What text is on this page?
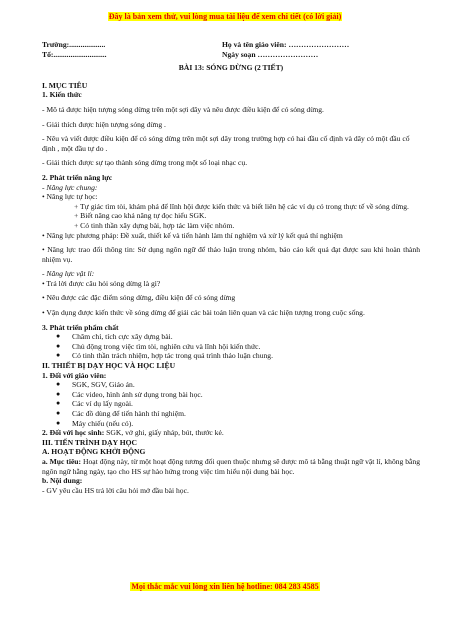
Đây là bản xem thử, vui lòng mua tài liệu để xem chi tiết (có lời giải)
Trường:...................	Họ và tên giáo viên: ……………………
Tổ:............................	Ngày soạn ……………………
BÀI 13: SÓNG DỪNG (2 TIẾT)

I. MỤC TIÊU

1. Kiến thức

- Mô tả được hiện tượng sóng dừng trên một sợi dây và nêu được điều kiện để có sóng dừng.

- Giải thích được hiện tượng sóng dừng .

- Nêu và viết được điều kiện để có sóng dừng trên một sợi dây trong trường hợp có hai đầu cố định và dây có một đầu cố định , một đầu tự do .

- Giải thích được sự tạo thành sóng dừng trong một số loại nhạc cụ.

2. Phát triển năng lực

- Năng lực chung:

• Năng lực tự học:

+ Tự giác tìm tòi, khám phá để lĩnh hội được kiến thức và biết liên hệ các ví dụ có trong thực tế về sóng dừng.

+ Biết nâng cao khả năng tự đọc hiểu SGK.

+ Có tinh thần xây dựng bài, hợp tác làm việc nhóm.

• Năng lực phương pháp: Đề xuất, thiết kế và tiến hành làm thí nghiệm và xử lý kết quả thí nghiệm

• Năng lực trao đổi thông tin: Sử dụng ngôn ngữ để thảo luận trong nhóm, báo cáo kết quả đạt được sau khi hoàn thành nhiệm vụ.

- Năng lực vật lí:

• Trả lời được câu hỏi sóng dừng là gì?

• Nêu được các đặc điểm sóng dừng, điều kiện để có sóng dừng

• Vận dụng được kiến thức về sóng dừng để giải các bài toán liên quan và các hiện tượng trong cuộc sống.

3. Phát triển phẩm chất

●	Chăm chỉ, tích cực xây dựng bài.
●	Chủ động trong việc tìm tòi, nghiên cứu và lĩnh hội kiến thức.
●	Có tinh thần trách nhiệm, hợp tác trong quá trình thảo luận chung.

II. THIẾT BỊ DẠY HỌC VÀ HỌC LIỆU

1. Đối với giáo viên:

●	SGK, SGV, Giáo án.
●	Các video, hình ảnh sử dụng trong bài học.
●	Các ví dụ lấy ngoài.
●	Các đồ dùng để tiến hành thí nghiệm.
●	Máy chiếu (nếu có).

2. Đối với học sinh: SGK, vở ghi, giấy nháp, bút, thước kẻ.

III. TIẾN TRÌNH DẠY HỌC

A. HOẠT ĐỘNG KHỞI ĐỘNG

a. Mục tiêu: Hoạt động này, từ một hoạt động tương đối quen thuộc nhưng sẽ được mô tả bằng thuật ngữ vật lí, không bằng ngôn ngữ hằng ngày, tạo cho HS sự hào hứng trong việc tìm hiểu nội dung bài học.

b. Nội dung:

- GV yêu cầu HS trả lời câu hỏi mở đầu bài học.

Mọi thắc mắc vui lòng xin liên hệ hotline: 084 283 4585
